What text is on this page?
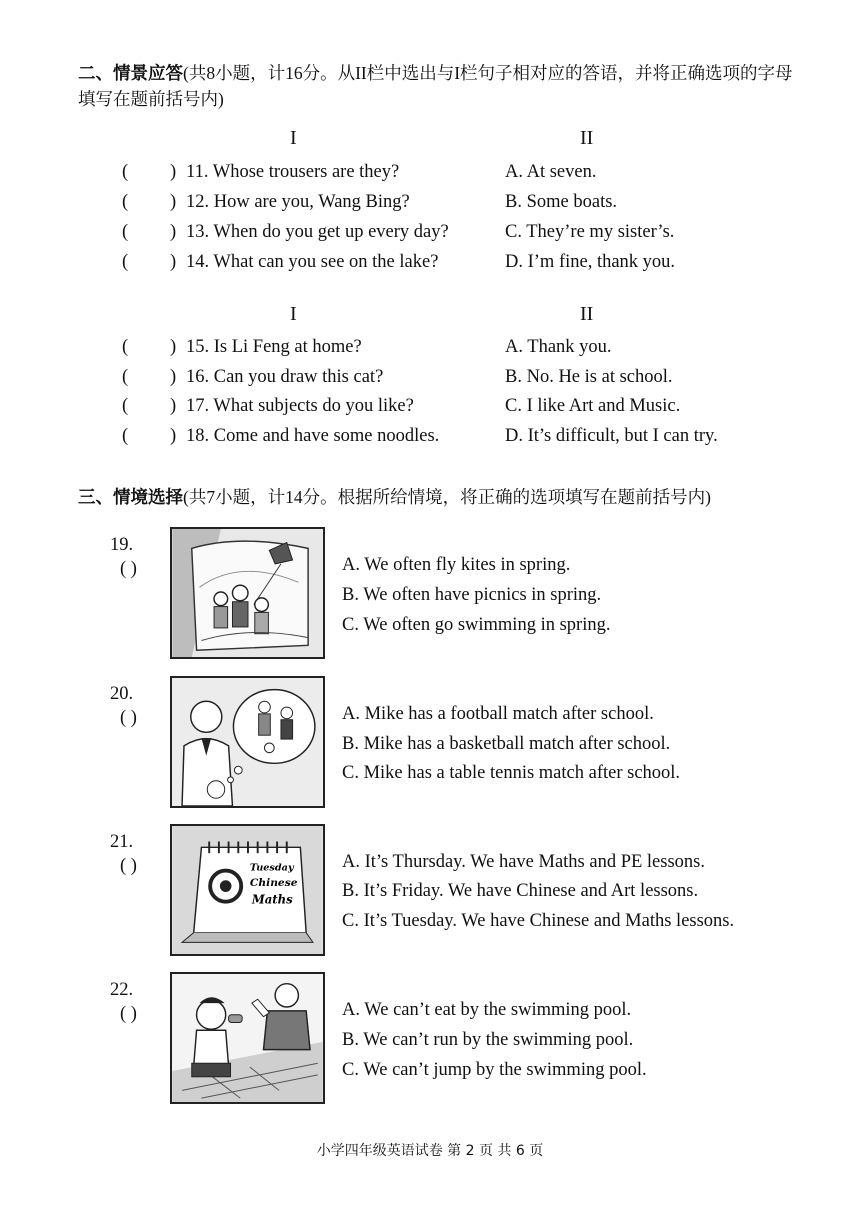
二、情景应答(共8小题，计16分。从II栏中选出与I栏句子相对应的答语，并将正确选项的字母填写在题前括号内)
I	II
( ) 11. Whose trousers are they?	A. At seven.
( ) 12. How are you, Wang Bing?	B. Some boats.
( ) 13. When do you get up every day?	C. They’re my sister’s.
( ) 14. What can you see on the lake?	D. I’m fine, thank you.
I	II
( ) 15. Is Li Feng at home?	A. Thank you.
( ) 16. Can you draw this cat?	B. No. He is at school.
( ) 17. What subjects do you like?	C. I like Art and Music.
( ) 18. Come and have some noodles.	D. It’s difficult, but I can try.
三、情境选择(共7小题，计14分。根据所给情境，将正确的选项填写在题前括号内)
19.
( )	A. We often fly kites in spring.
B. We often have picnics in spring.
C. We often go swimming in spring.
20.
( )	A. Mike has a football match after school.
B. Mike has a basketball match after school.
C. Mike has a table tennis match after school.
21.
( )	Tuesday
Chinese
Maths
A. It’s Thursday. We have Maths and PE lessons.
B. It’s Friday. We have Chinese and Art lessons.
C. It’s Tuesday. We have Chinese and Maths lessons.
22.
( )	A. We can’t eat by the swimming pool.
B. We can’t run by the swimming pool.
C. We can’t jump by the swimming pool.
小学四年级英语试卷 第 2 页 共 6 页
